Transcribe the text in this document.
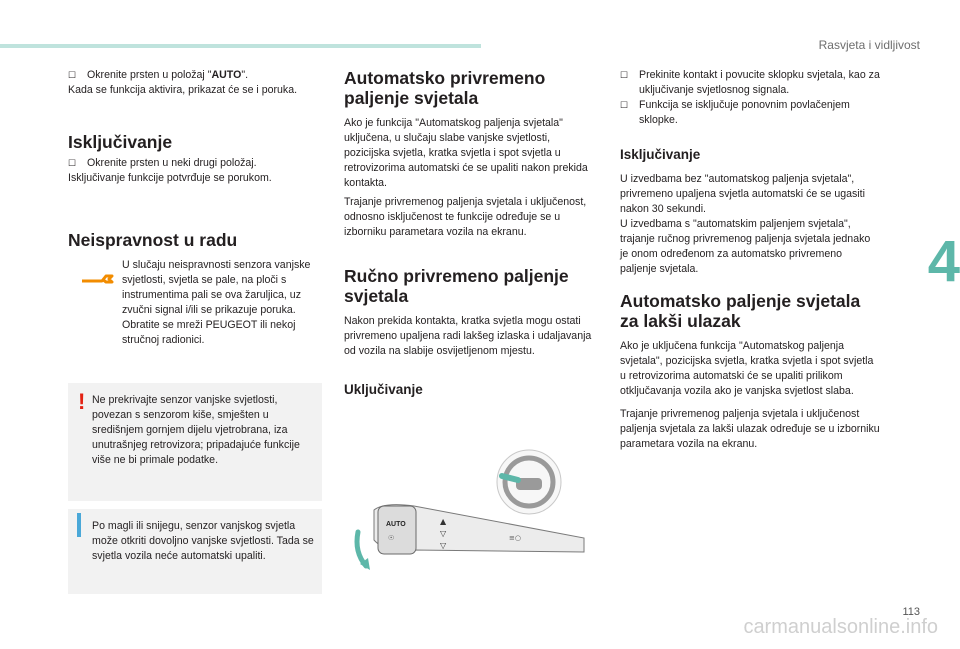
Rasvjeta i vidljivost
4
113
carmanualsonline.info
☐	Okrenite prsten u položaj "AUTO".

Kada se funkcija aktivira, prikazat će se i poruka.

Isključivanje
☐	Okrenite prsten u neki drugi položaj.

Isključivanje funkcije potvrđuje se porukom.

Neispravnost u radu

U slučaju neispravnosti senzora vanjske svjetlosti, svjetla se pale, na ploči s instrumentima pali se ova žaruljica, uz zvučni signal i/ili se prikazuje poruka.

Obratite se mreži PEUGEOT ili nekoj stručnoj radionici.

! Ne prekrivajte senzor vanjske svjetlosti, povezan s senzorom kiše, smješten u središnjem gornjem dijelu vjetrobrana, iza unutrašnjeg retrovizora; pripadajuće funkcije više ne bi primale podatke.

Po magli ili snijegu, senzor vanjskog svjetla može otkriti dovoljno vanjske svjetlosti. Tada se svjetla vozila neće automatski upaliti.

Automatsko privremeno paljenje svjetala

Ako je funkcija "Automatskog paljenja svjetala" uključena, u slučaju slabe vanjske svjetlosti, pozicijska svjetla, kratka svjetla i spot svjetla u retrovizorima automatski će se upaliti nakon prekida kontakta.

Trajanje privremenog paljenja svjetala i uključenost, odnosno isključenost te funkcije određuje se u izborniku parametara vozila na ekranu.

Ručno privremeno paljenje svjetala

Nakon prekida kontakta, kratka svjetla mogu ostati privremeno upaljena radi lakšeg izlaska i udaljavanja od vozila na slabije osvijetljenom mjestu.

Uključivanje
AUTO
☉
▲
▽
▽
≡○
☐	Prekinite kontakt i povucite sklopku svjetala, kao za uključivanje svjetlosnog signala.

☐	Funkcija se isključuje ponovnim povlačenjem sklopke.

Isključivanje

U izvedbama bez "automatskog paljenja svjetala", privremeno upaljena svjetla automatski će se ugasiti nakon 30 sekundi.

U izvedbama s "automatskim paljenjem svjetala", trajanje ručnog privremenog paljenja svjetala jednako je onom određenom za automatsko privremeno paljenje svjetala.

Automatsko paljenje svjetala za lakši ulazak

Ako je uključena funkcija "Automatskog paljenja svjetala", pozicijska svjetla, kratka svjetla i spot svjetla u retrovizorima automatski će se upaliti prilikom otključavanja vozila ako je vanjska svjetlost slaba.

Trajanje privremenog paljenja svjetala i uključenost paljenja svjetala za lakši ulazak određuje se u izborniku parametara vozila na ekranu.
